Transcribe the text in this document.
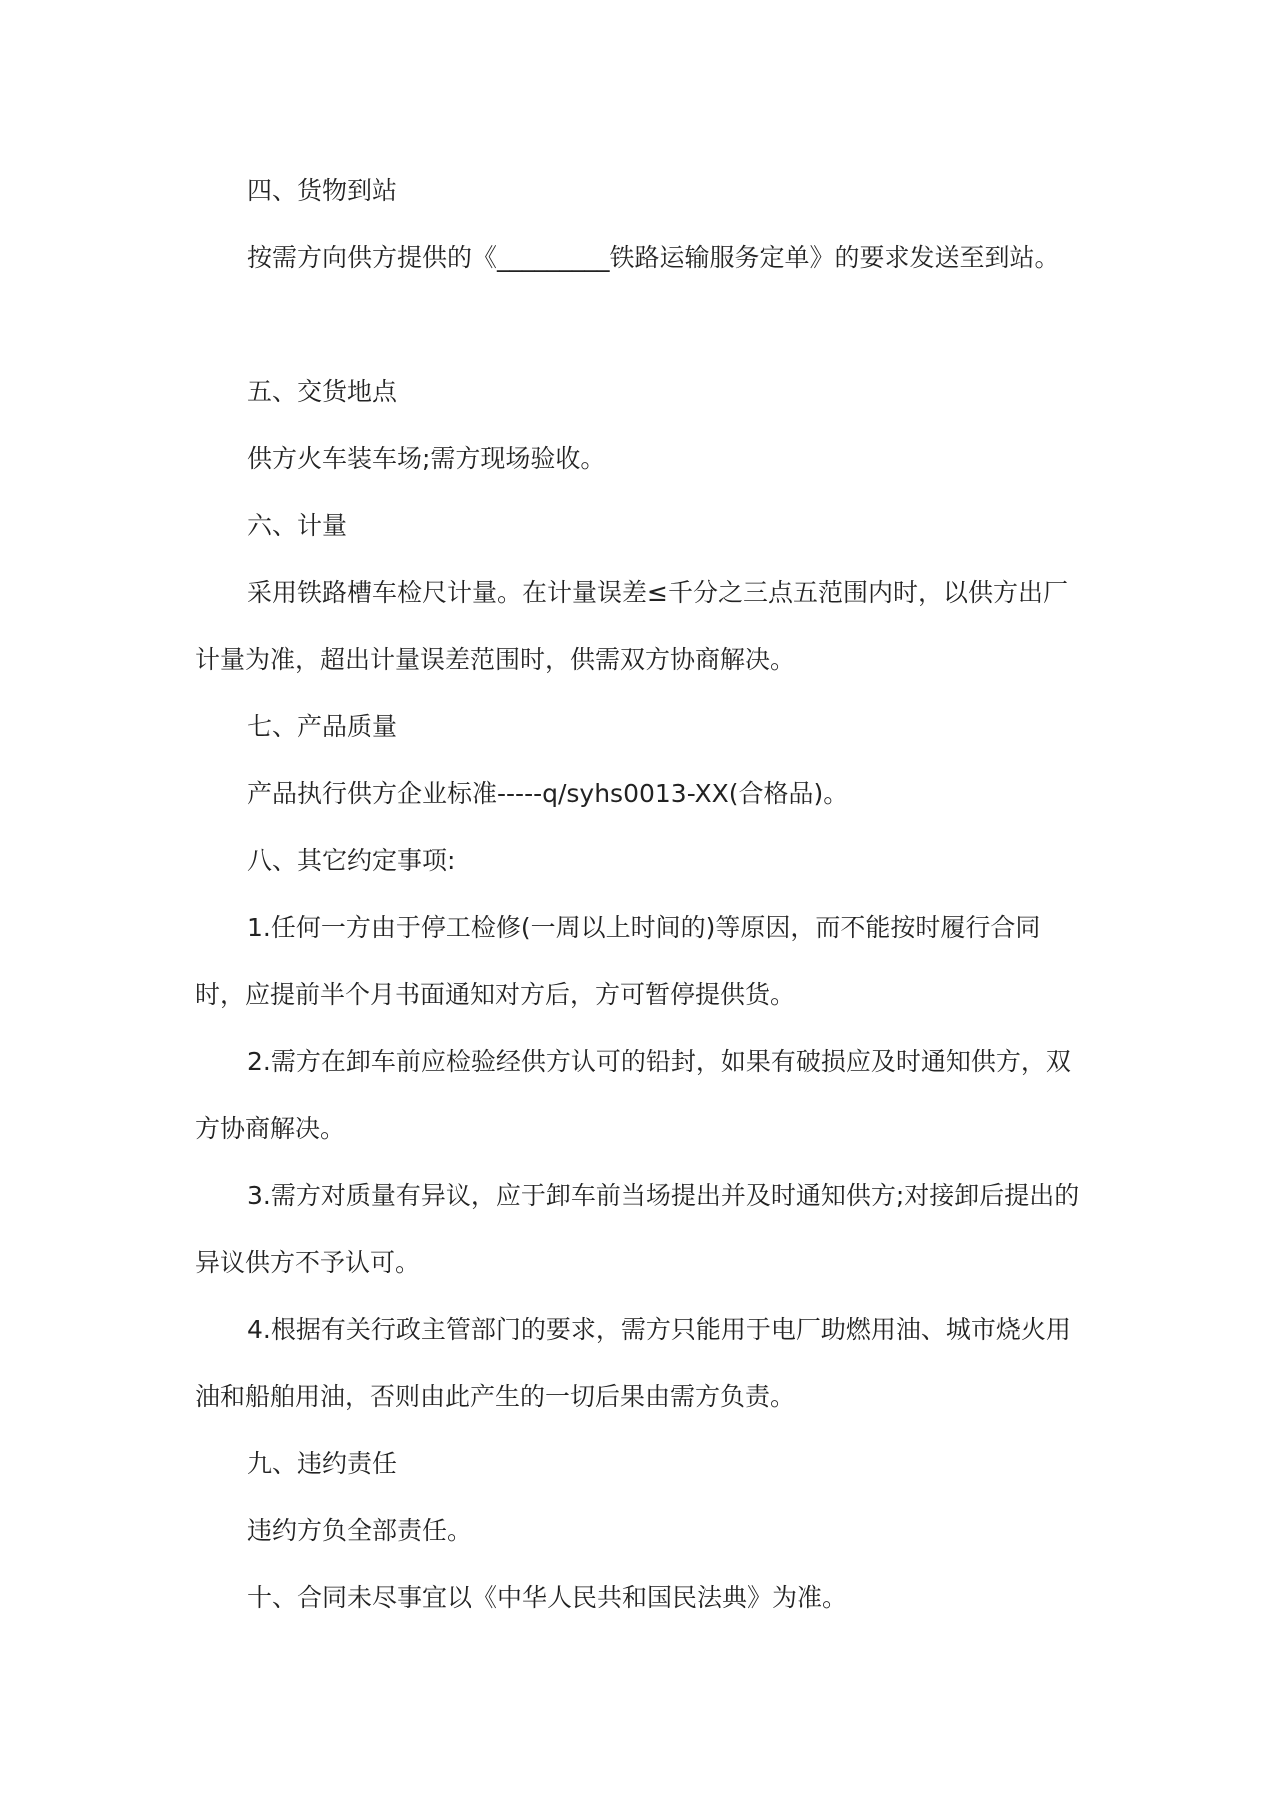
四、货物到站

按需方向供方提供的《_________铁路运输服务定单》的要求发送至到站。

五、交货地点

供方火车装车场;需方现场验收。

六、计量

采用铁路槽车检尺计量。在计量误差≤千分之三点五范围内时，以供方出厂计量为准，超出计量误差范围时，供需双方协商解决。

七、产品质量

产品执行供方企业标准-----q/syhs0013-XX(合格品)。

八、其它约定事项:

1.任何一方由于停工检修(一周以上时间的)等原因，而不能按时履行合同时，应提前半个月书面通知对方后，方可暂停提供货。

2.需方在卸车前应检验经供方认可的铅封，如果有破损应及时通知供方，双方协商解决。

3.需方对质量有异议，应于卸车前当场提出并及时通知供方;对接卸后提出的异议供方不予认可。

4.根据有关行政主管部门的要求，需方只能用于电厂助燃用油、城市烧火用油和船舶用油，否则由此产生的一切后果由需方负责。

九、违约责任

违约方负全部责任。

十、合同未尽事宜以《中华人民共和国民法典》为准。
